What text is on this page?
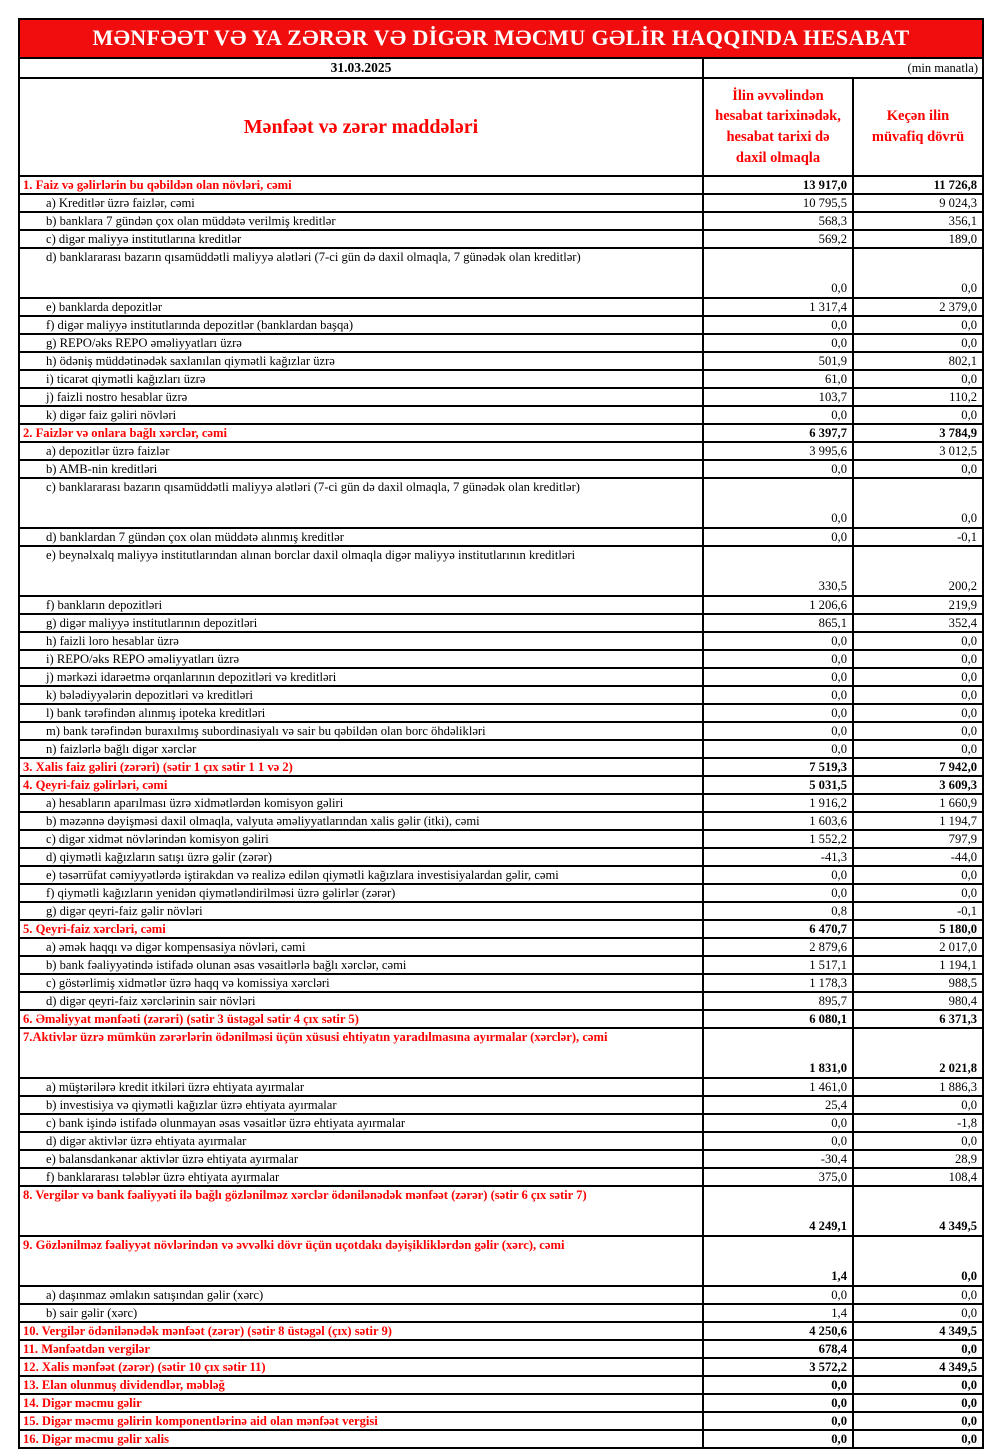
MƏNFƏƏT VƏ YA ZƏRƏR VƏ DİGƏR MƏCMU GƏLİR HAQQINDA HESABAT		
31.03.2025	(min manatla)	
Mənfəət və zərər maddələri	İlin əvvəlindən hesabat tarixinədək, hesabat tarixi də daxil olmaqla	Keçən ilin müvafiq dövrü
1. Faiz və gəlirlərin bu qəbildən olan növləri, cəmi	13 917,0	11 726,8
a) Kreditlər üzrə faizlər, cəmi	10 795,5	9 024,3
b) banklara 7 gündən çox olan müddətə verilmiş kreditlər	568,3	356,1
c) digər maliyyə institutlarına kreditlər	569,2	189,0
d) banklararası bazarın qısamüddətli maliyyə alətləri (7-ci gün də daxil olmaqla, 7 günədək olan kreditlər)	0,0	0,0
e) banklarda depozitlər	1 317,4	2 379,0
f) digər maliyyə institutlarında depozitlər (banklardan başqa)	0,0	0,0
g) REPO/əks REPO əməliyyatları üzrə	0,0	0,0
h) ödəniş müddətinədək saxlanılan qiymətli kağızlar üzrə	501,9	802,1
i) ticarət qiymətli kağızları üzrə	61,0	0,0
j) faizli nostro hesablar üzrə	103,7	110,2
k) digər faiz gəliri növləri	0,0	0,0
2. Faizlər və onlara bağlı xərclər, cəmi	6 397,7	3 784,9
a) depozitlər üzrə faizlər	3 995,6	3 012,5
b) AMB-nin kreditləri	0,0	0,0
c) banklararası bazarın qısamüddətli maliyyə alətləri (7-ci gün də daxil olmaqla, 7 günədək olan kreditlər)	0,0	0,0
d) banklardan 7 gündən çox olan müddətə alınmış kreditlər	0,0	-0,1
e) beynəlxalq maliyyə institutlarından alınan borclar daxil olmaqla digər maliyyə institutlarının kreditləri	330,5	200,2
f) bankların depozitləri	1 206,6	219,9
g) digər maliyyə institutlarının depozitləri	865,1	352,4
h) faizli loro hesablar üzrə	0,0	0,0
i) REPO/əks REPO əməliyyatları üzrə	0,0	0,0
j) mərkəzi idarəetmə orqanlarının depozitləri və kreditləri	0,0	0,0
k) bələdiyyələrin depozitləri və kreditləri	0,0	0,0
l) bank tərəfindən alınmış ipoteka kreditləri	0,0	0,0
m) bank tərəfindən buraxılmış subordinasiyalı və sair bu qəbildən olan borc öhdəlikləri	0,0	0,0
n) faizlərlə bağlı digər xərclər	0,0	0,0
3. Xalis faiz gəliri (zərəri) (sətir 1 çıx sətir 1 1 və 2)	7 519,3	7 942,0
4. Qeyri-faiz gəlirləri, cəmi	5 031,5	3 609,3
a) hesabların aparılması üzrə xidmətlərdən komisyon gəliri	1 916,2	1 660,9
b) məzənnə dəyişməsi daxil olmaqla, valyuta əməliyyatlarından xalis gəlir (itki), cəmi	1 603,6	1 194,7
c) digər xidmət növlərindən komisyon gəliri	1 552,2	797,9
d) qiymətli kağızların satışı üzrə gəlir (zərər)	-41,3	-44,0
e) təsərrüfat cəmiyyətlərdə iştirakdan və realizə edilən qiymətli kağızlara investisiyalardan gəlir, cəmi	0,0	0,0
f) qiymətli kağızların yenidən qiymətləndirilməsi üzrə gəlirlər (zərər)	0,0	0,0
g) digər qeyri-faiz gəlir növləri	0,8	-0,1
5. Qeyri-faiz xərcləri, cəmi	6 470,7	5 180,0
a) əmək haqqı və digər kompensasiya növləri, cəmi	2 879,6	2 017,0
b) bank fəaliyyətində istifadə olunan əsas vəsaitlərlə bağlı xərclər, cəmi	1 517,1	1 194,1
c) göstərlimiş xidmətlər üzrə haqq və komissiya xərcləri	1 178,3	988,5
d) digər qeyri-faiz xərclərinin sair növləri	895,7	980,4
6. Əməliyyat mənfəəti (zərəri) (sətir 3 üstəgəl sətir 4 çıx sətir 5)	6 080,1	6 371,3
7.Aktivlər üzrə mümkün zərərlərin ödənilməsi üçün xüsusi ehtiyatın yaradılmasına ayırmalar (xərclər), cəmi	1 831,0	2 021,8
a) müştərilərə kredit itkiləri üzrə ehtiyata ayırmalar	1 461,0	1 886,3
b) investisiya və qiymətli kağızlar üzrə ehtiyata ayırmalar	25,4	0,0
c) bank işində istifadə olunmayan əsas vəsaitlər üzrə ehtiyata ayırmalar	0,0	-1,8
d) digər aktivlər üzrə ehtiyata ayırmalar	0,0	0,0
e) balansdankənar aktivlər üzrə ehtiyata ayırmalar	-30,4	28,9
f) banklararası tələblər üzrə ehtiyata ayırmalar	375,0	108,4
8. Vergilər və bank fəaliyyəti ilə bağlı gözlənilməz xərclər ödənilənədək mənfəət (zərər) (sətir 6 çıx sətir 7)	4 249,1	4 349,5
9. Gözlənilməz fəaliyyət növlərindən və əvvəlki dövr üçün uçotdakı dəyişikliklərdən gəlir (xərc), cəmi	1,4	0,0
a) daşınmaz əmlakın satışından gəlir (xərc)	0,0	0,0
b) sair gəlir (xərc)	1,4	0,0
10. Vergilər ödənilənədək mənfəət (zərər) (sətir 8 üstəgəl (çıx) sətir 9)	4 250,6	4 349,5
11. Mənfəətdən vergilər	678,4	0,0
12. Xalis mənfəət (zərər) (sətir 10 çıx sətir 11)	3 572,2	4 349,5
13. Elan olunmuş dividendlər, məbləğ	0,0	0,0
14. Digər məcmu gəlir	0,0	0,0
15. Digər məcmu gəlirin komponentlərinə aid olan mənfəət vergisi	0,0	0,0
16. Digər məcmu gəlir xalis	0,0	0,0
